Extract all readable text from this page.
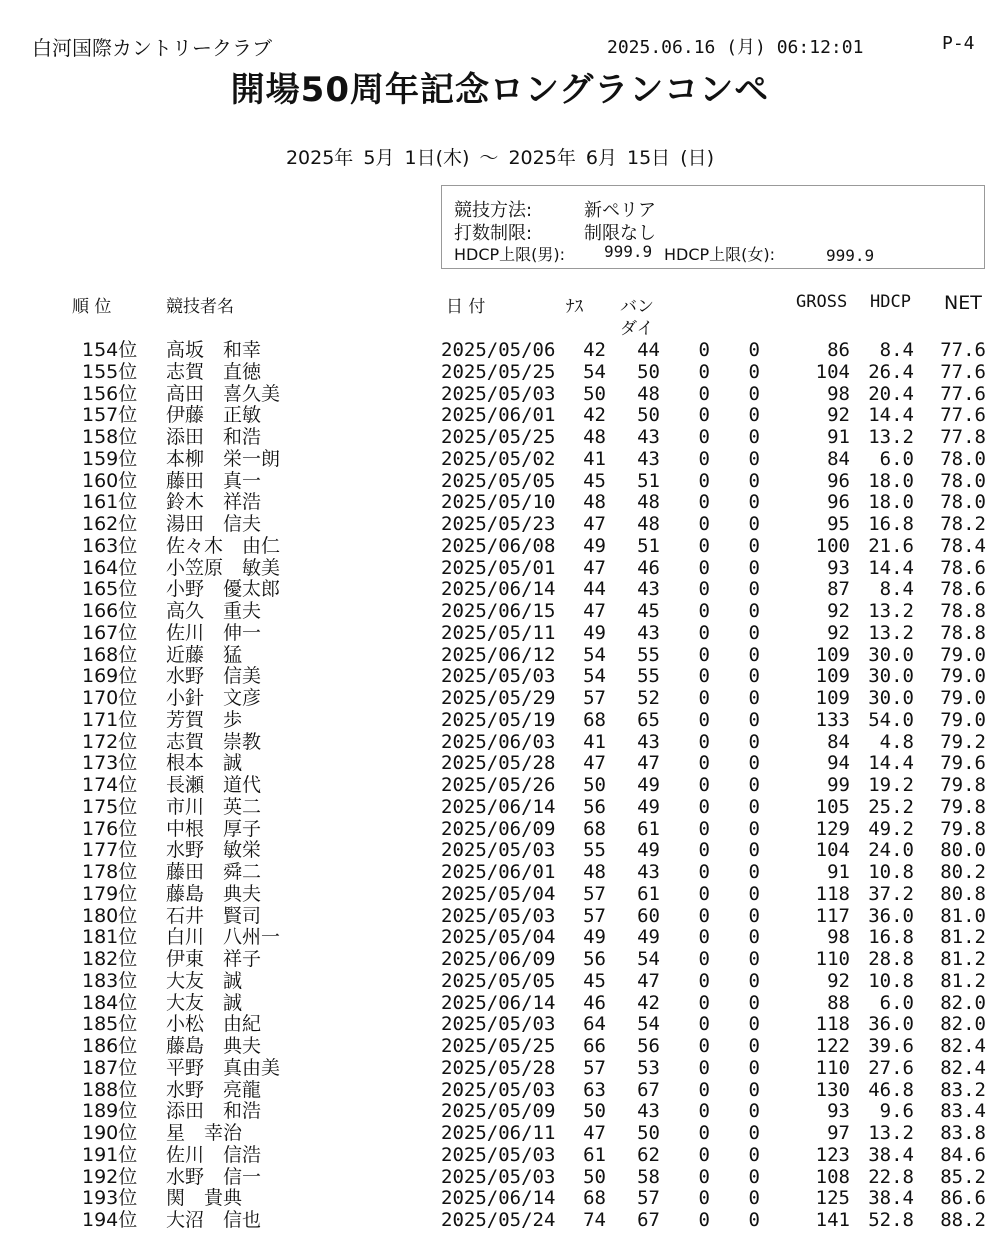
白河国際カントリークラブ	2025.06.16 (月) 06:12:01	P-4
開場50周年記念ロングランコンペ
2025年 5月 1日(木) 〜 2025年 6月 15日 (日)
競技方法:	新ペリア
打数制限:	制限なし
HDCP上限(男): 999.9 HDCP上限(女):	999.9
順 位	競技者名	日 付	ﾅｽ バン
ダイ
GROSS HDCP NET
154位 高坂　和幸	2025/05/06	42	44	0	0	86	8.4	77.6
155位 志賀　直徳	2025/05/25	54	50	0	0	104 26.4	77.6
156位 高田　喜久美	2025/05/03	50	48	0	0	98 20.4	77.6
157位 伊藤　正敏	2025/06/01	42	50	0	0	92 14.4	77.6
158位 添田　和浩	2025/05/25	48	43	0	0	91 13.2	77.8
159位 本柳　栄一朗	2025/05/02	41	43	0	0	84	6.0	78.0
160位 藤田　真一	2025/05/05	45	51	0	0	96 18.0	78.0
161位 鈴木　祥浩	2025/05/10	48	48	0	0	96 18.0	78.0
162位 湯田　信夫	2025/05/23	47	48	0	0	95 16.8	78.2
163位 佐々木　由仁	2025/06/08	49	51	0	0	100 21.6	78.4
164位 小笠原　敏美	2025/05/01	47	46	0	0	93 14.4	78.6
165位 小野　優太郎	2025/06/14	44	43	0	0	87	8.4	78.6
166位 高久　重夫	2025/06/15	47	45	0	0	92 13.2	78.8
167位 佐川　伸一	2025/05/11	49	43	0	0	92 13.2	78.8
168位 近藤　猛	2025/06/12	54	55	0	0	109 30.0	79.0
169位 水野　信美	2025/05/03	54	55	0	0	109 30.0	79.0
170位 小針　文彦	2025/05/29	57	52	0	0	109 30.0	79.0
171位 芳賀　歩	2025/05/19	68	65	0	0	133 54.0	79.0
172位 志賀　崇教	2025/06/03	41	43	0	0	84	4.8	79.2
173位 根本　誠	2025/05/28	47	47	0	0	94 14.4	79.6
174位 長瀬　道代	2025/05/26	50	49	0	0	99 19.2	79.8
175位 市川　英二	2025/06/14	56	49	0	0	105 25.2	79.8
176位 中根　厚子	2025/06/09	68	61	0	0	129 49.2	79.8
177位 水野　敏栄	2025/05/03	55	49	0	0	104 24.0	80.0
178位 藤田　舜二	2025/06/01	48	43	0	0	91 10.8	80.2
179位 藤島　典夫	2025/05/04	57	61	0	0	118 37.2	80.8
180位 石井　賢司	2025/05/03	57	60	0	0	117 36.0	81.0
181位 白川　八州一	2025/05/04	49	49	0	0	98 16.8	81.2
182位 伊東　祥子	2025/06/09	56	54	0	0	110 28.8	81.2
183位 大友　誠	2025/05/05	45	47	0	0	92 10.8	81.2
184位 大友　誠	2025/06/14	46	42	0	0	88	6.0	82.0
185位 小松　由紀	2025/05/03	64	54	0	0	118 36.0	82.0
186位 藤島　典夫	2025/05/25	66	56	0	0	122 39.6	82.4
187位 平野　真由美	2025/05/28	57	53	0	0	110 27.6	82.4
188位 水野　亮龍	2025/05/03	63	67	0	0	130 46.8	83.2
189位 添田　和浩	2025/05/09	50	43	0	0	93	9.6	83.4
190位 星　幸治	2025/06/11	47	50	0	0	97 13.2	83.8
191位 佐川　信浩	2025/05/03	61	62	0	0	123 38.4	84.6
192位 水野　信一	2025/05/03	50	58	0	0	108 22.8	85.2
193位 関　貴典	2025/06/14	68	57	0	0	125 38.4	86.6
194位 大沼　信也	2025/05/24	74	67	0	0	141 52.8	88.2
